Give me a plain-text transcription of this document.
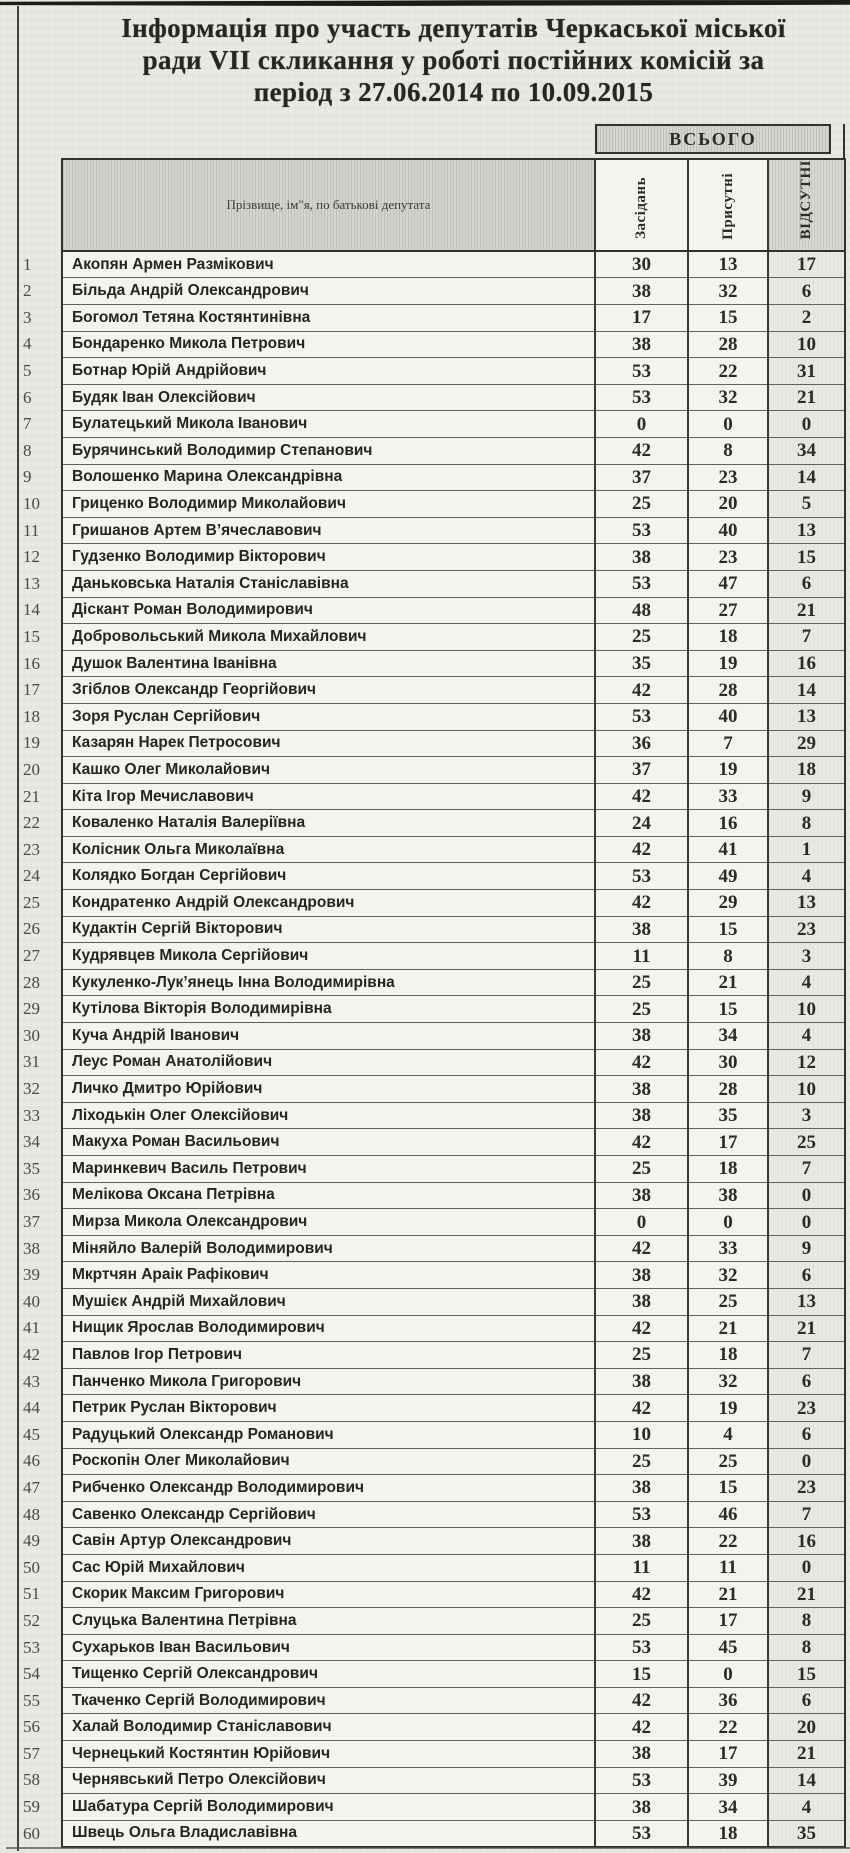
Інформація про участь депутатів Черкаської міської
ради VII скликання у роботі постійних комісій за
період з 27.06.2014 по 10.09.2015
ВСЬОГО
	Прізвище, ім"я, по батькові депутата	Засідань	Присутні	ВІДСУТНІ
1	Акопян Армен Размікович	30	13	17
2	Більда Андрій Олександрович	38	32	6
3	Богомол Тетяна Костянтинівна	17	15	2
4	Бондаренко Микола Петрович	38	28	10
5	Ботнар Юрій Андрійович	53	22	31
6	Будяк Іван Олексійович	53	32	21
7	Булатецький Микола Іванович	0	0	0
8	Бурячинський Володимир Степанович	42	8	34
9	Волошенко Марина Олександрівна	37	23	14
10	Гриценко Володимир Миколайович	25	20	5
11	Гришанов Артем В’ячеславович	53	40	13
12	Гудзенко Володимир Вікторович	38	23	15
13	Даньковська Наталія Станіславівна	53	47	6
14	Діскант Роман Володимирович	48	27	21
15	Добровольський Микола Михайлович	25	18	7
16	Душок Валентина Іванівна	35	19	16
17	Згіблов Олександр Георгійович	42	28	14
18	Зоря Руслан Сергійович	53	40	13
19	Казарян Нарек Петросович	36	7	29
20	Кашко Олег Миколайович	37	19	18
21	Кіта Ігор Мечиславович	42	33	9
22	Коваленко Наталія Валеріївна	24	16	8
23	Колісник Ольга Миколаївна	42	41	1
24	Колядко Богдан Сергійович	53	49	4
25	Кондратенко Андрій Олександрович	42	29	13
26	Кудактін Сергій Вікторович	38	15	23
27	Кудрявцев Микола Сергійович	11	8	3
28	Кукуленко-Лук’янець Інна Володимирівна	25	21	4
29	Кутілова Вікторія Володимирівна	25	15	10
30	Куча Андрій Іванович	38	34	4
31	Леус Роман Анатолійович	42	30	12
32	Личко Дмитро Юрійович	38	28	10
33	Ліходькін Олег Олексійович	38	35	3
34	Макуха Роман Васильович	42	17	25
35	Маринкевич Василь Петрович	25	18	7
36	Мелікова Оксана Петрівна	38	38	0
37	Мирза Микола Олександрович	0	0	0
38	Міняйло Валерій Володимирович	42	33	9
39	Мкртчян Араік Рафікович	38	32	6
40	Мушієк Андрій Михайлович	38	25	13
41	Нищик Ярослав Володимирович	42	21	21
42	Павлов Ігор Петрович	25	18	7
43	Панченко Микола Григорович	38	32	6
44	Петрик Руслан Вікторович	42	19	23
45	Радуцький Олександр Романович	10	4	6
46	Роскопін Олег Миколайович	25	25	0
47	Рибченко Олександр Володимирович	38	15	23
48	Савенко Олександр Сергійович	53	46	7
49	Савін Артур Олександрович	38	22	16
50	Сас Юрій Михайлович	11	11	0
51	Скорик Максим Григорович	42	21	21
52	Слуцька Валентина Петрівна	25	17	8
53	Сухарьков Іван Васильович	53	45	8
54	Тищенко Сергій Олександрович	15	0	15
55	Ткаченко Сергій Володимирович	42	36	6
56	Халай Володимир Станіславович	42	22	20
57	Чернецький Костянтин Юрійович	38	17	21
58	Чернявський Петро Олексійович	53	39	14
59	Шабатура Сергій Володимирович	38	34	4
60	Швець Ольга Владиславівна	53	18	35
